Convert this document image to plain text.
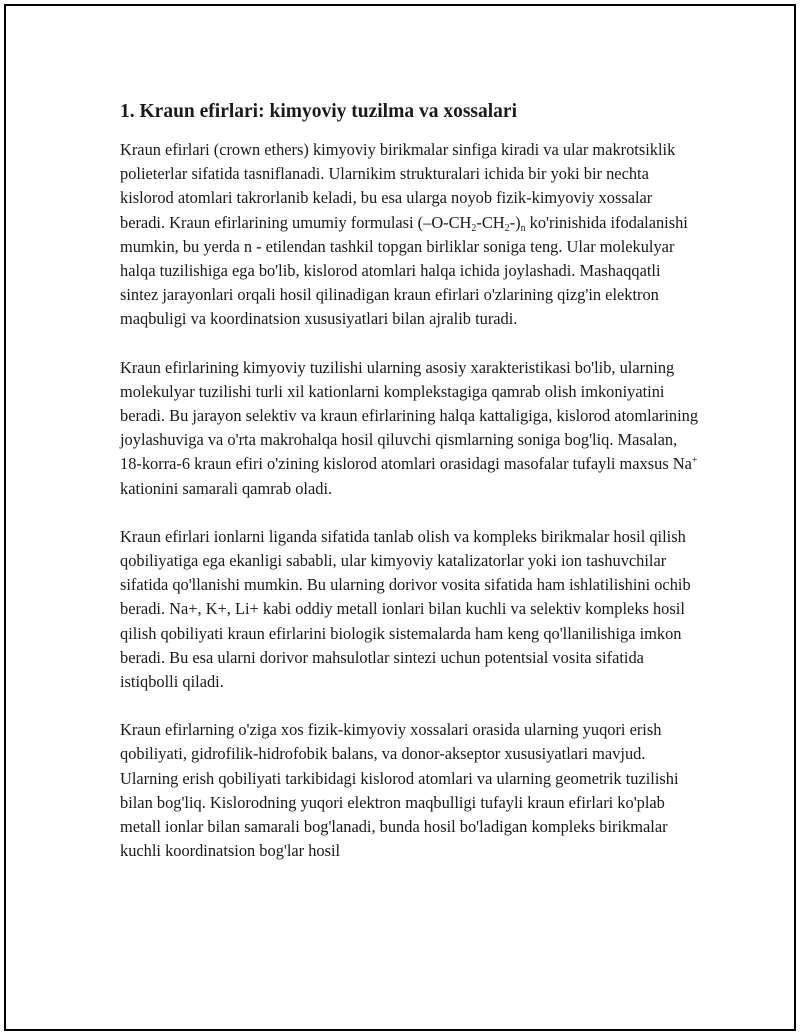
1. Kraun efirlari: kimyoviy tuzilma va xossalari

Kraun efirlari (crown ethers) kimyoviy birikmalar sinfiga kiradi va ular makrotsiklik polieterlar sifatida tasniflanadi. Ularnikim strukturalari ichida bir yoki bir nechta kislorod atomlari takrorlanib keladi, bu esa ularga noyob fizik-kimyoviy xossalar beradi. Kraun efirlarining umumiy formulasi $(-O-CH_2-CH_2-)_n$ ko'rinishida ifodalanishi mumkin, bu yerda n - etilendan tashkil topgan birliklar soniga teng. Ular molekulyar halqa tuzilishiga ega bo'lib, kislorod atomlari halqa ichida joylashadi. Mashaqqatli sintez jarayonlari orqali hosil qilinadigan kraun efirlari o'zlarining qizg'in elektron maqbuligi va koordinatsion xususiyatlari bilan ajralib turadi.

Kraun efirlarining kimyoviy tuzilishi ularning asosiy xarakteristikasi bo'lib, ularning molekulyar tuzilishi turli xil kationlarni komplekstagiga qamrab olish imkoniyatini beradi. Bu jarayon selektiv va kraun efirlarining halqa kattaligiga, kislorod atomlarining joylashuviga va o'rta makrohalqa hosil qiluvchi qismlarning soniga bog'liq. Masalan, 18-korra-6 kraun efiri o'zining kislorod atomlari orasidagi masofalar tufayli maxsus Na+ kationini samarali qamrab oladi.

Kraun efirlari ionlarni liganda sifatida tanlab olish va kompleks birikmalar hosil qilish qobiliyatiga ega ekanligi sababli, ular kimyoviy katalizatorlar yoki ion tashuvchilar sifatida qo'llanishi mumkin. Bu ularning dorivor vosita sifatida ham ishlatilishini ochib beradi. Na+, K+, Li+ kabi oddiy metall ionlari bilan kuchli va selektiv kompleks hosil qilish qobiliyati kraun efirlarini biologik sistemalarda ham keng qo'llanilishiga imkon beradi. Bu esa ularni dorivor mahsulotlar sintezi uchun potentsial vosita sifatida istiqbolli qiladi.

Kraun efirlarning o'ziga xos fizik-kimyoviy xossalari orasida ularning yuqori erish qobiliyati, gidrofilik-hidrofobik balans, va donor-akseptor xususiyatlari mavjud. Ularning erish qobiliyati tarkibidagi kislorod atomlari va ularning geometrik tuzilishi bilan bog'liq. Kislorodning yuqori elektron maqbulligi tufayli kraun efirlari ko'plab metall ionlar bilan samarali bog'lanadi, bunda hosil bo'ladigan kompleks birikmalar kuchli koordinatsion bog'lar hosil
